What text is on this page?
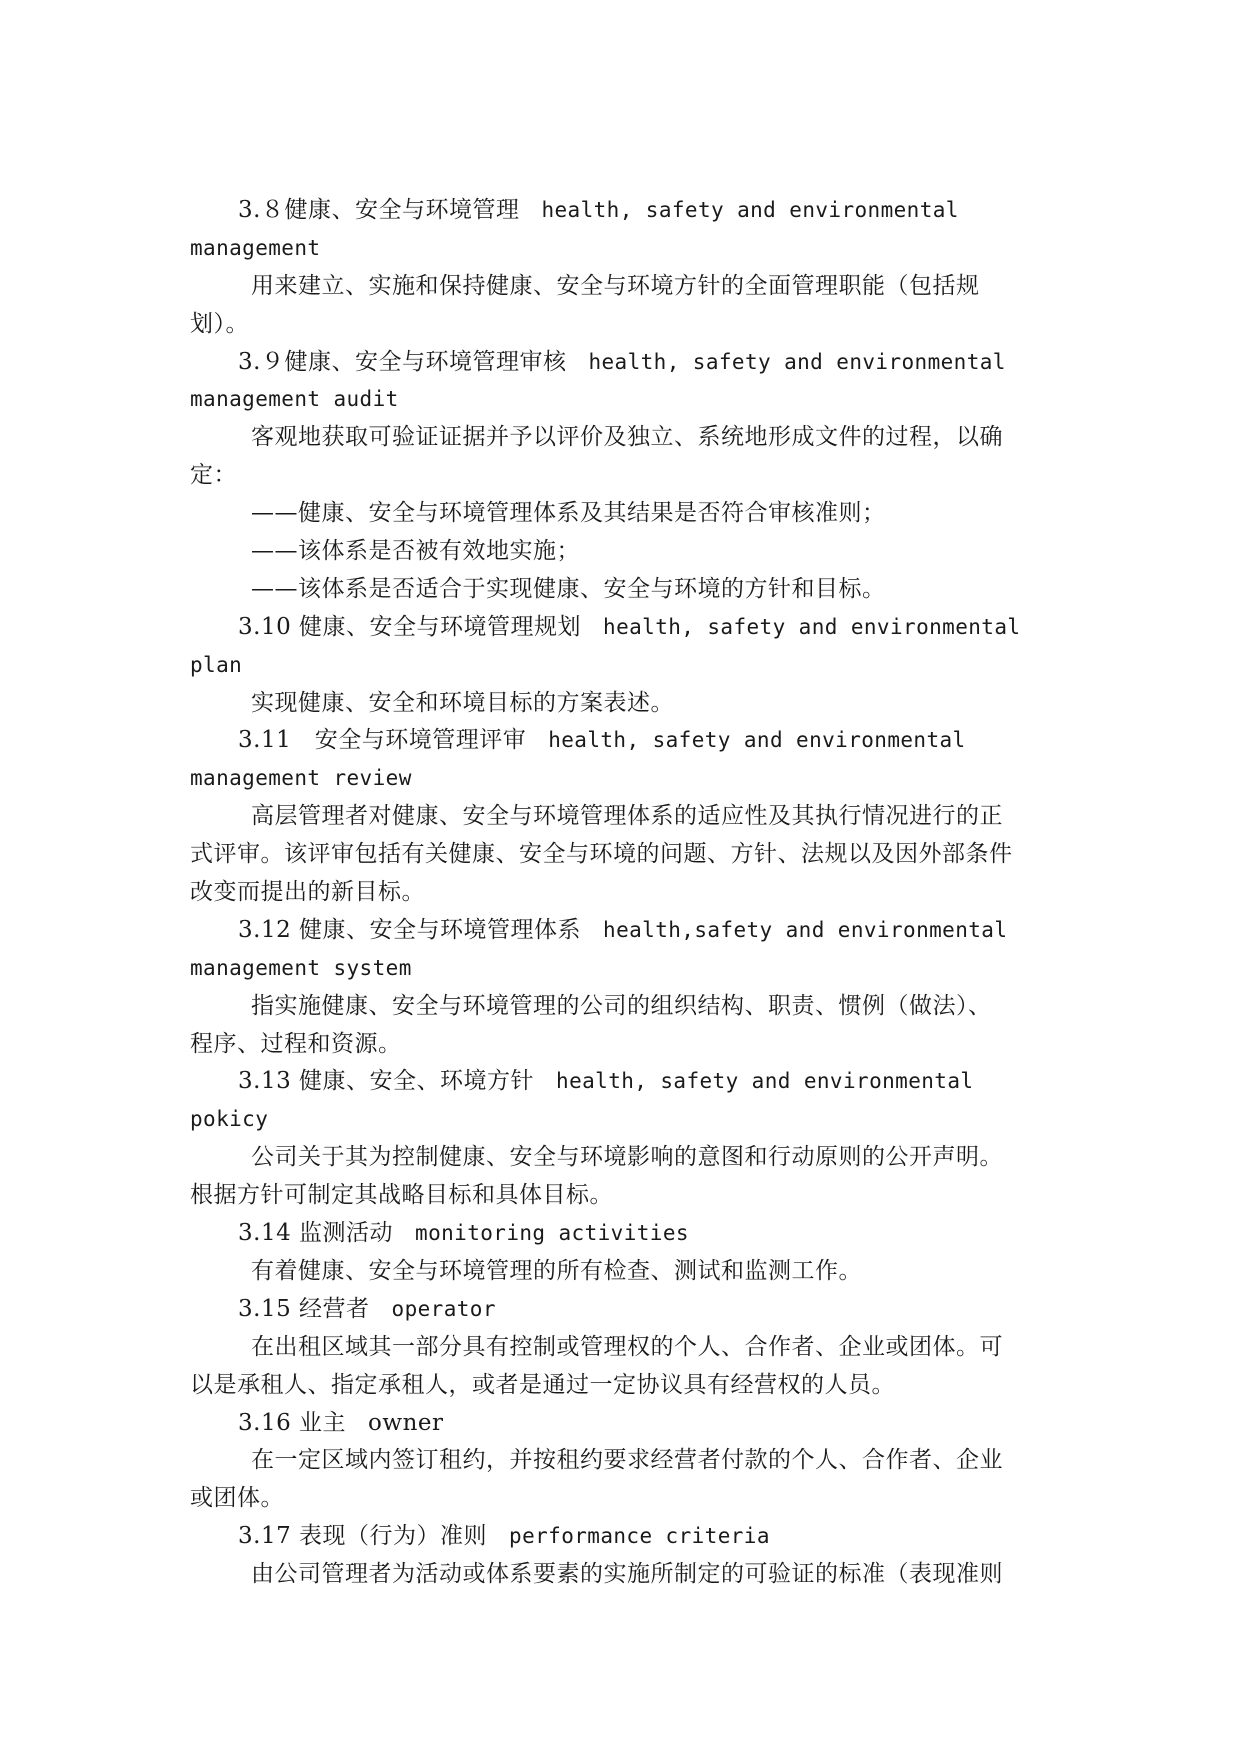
3.８健康、安全与环境管理 health, safety and environmental
management
用来建立、实施和保持健康、安全与环境方针的全面管理职能（包括规
划）。
3.９健康、安全与环境管理审核 health, safety and environmental
management audit
客观地获取可验证证据并予以评价及独立、系统地形成文件的过程，以确
定：
——健康、安全与环境管理体系及其结果是否符合审核准则；
——该体系是否被有效地实施；
——该体系是否适合于实现健康、安全与环境的方针和目标。
3.10 健康、安全与环境管理规划 health, safety and environmental
plan
实现健康、安全和环境目标的方案表述。
3.11　安全与环境管理评审 health, safety and environmental
management review
高层管理者对健康、安全与环境管理体系的适应性及其执行情况进行的正
式评审。该评审包括有关健康、安全与环境的问题、方针、法规以及因外部条件
改变而提出的新目标。
3.12 健康、安全与环境管理体系 health,safety and environmental
management system
指实施健康、安全与环境管理的公司的组织结构、职责、惯例（做法）、
程序、过程和资源。
3.13 健康、安全、环境方针 health, safety and environmental
pokicy
公司关于其为控制健康、安全与环境影响的意图和行动原则的公开声明。
根据方针可制定其战略目标和具体目标。
3.14 监测活动 monitoring activities
有着健康、安全与环境管理的所有检查、测试和监测工作。
3.15 经营者 operator
在出租区域其一部分具有控制或管理权的个人、合作者、企业或团体。可
以是承租人、指定承租人，或者是通过一定协议具有经营权的人员。
3.16 业主 owner
在一定区域内签订租约，并按租约要求经营者付款的个人、合作者、企业
或团体。
3.17 表现（行为）准则 performance criteria
由公司管理者为活动或体系要素的实施所制定的可验证的标准（表现准则
